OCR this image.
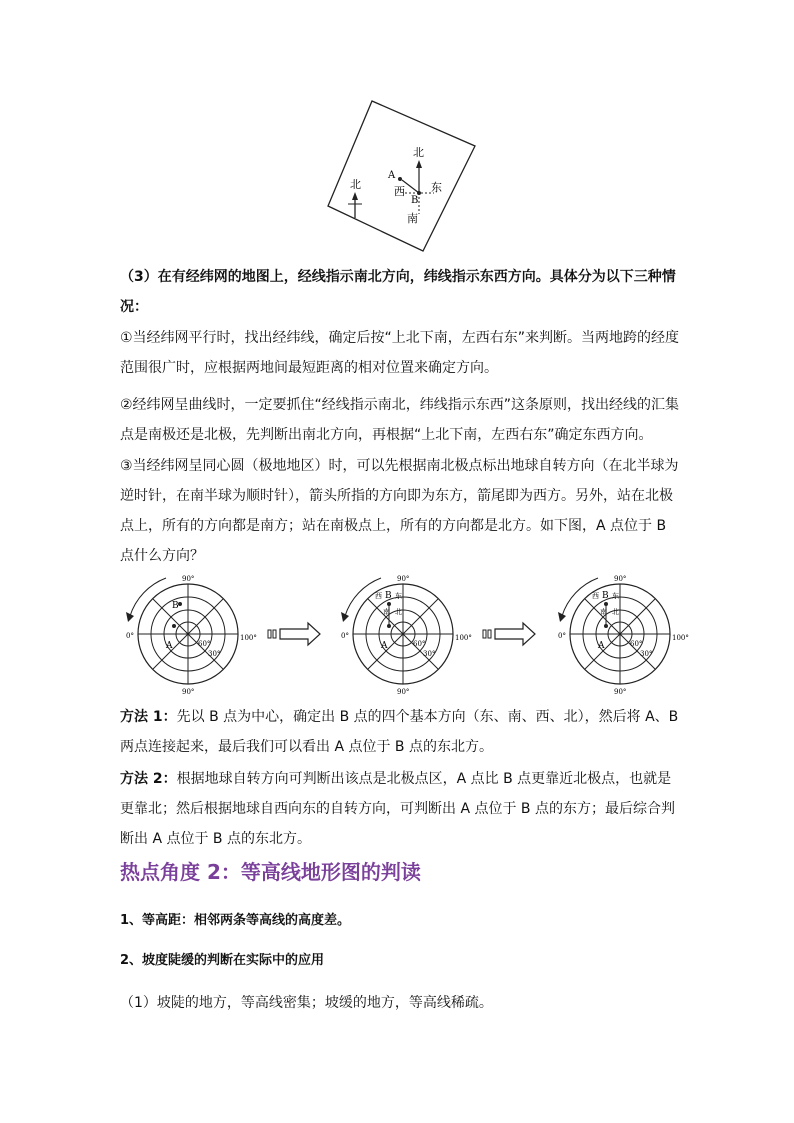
北
北
西 东
南
A
B

（3）在有经纬网的地图上，经线指示南北方向，纬线指示东西方向。具体分为以下三种情况：

①当经纬网平行时，找出经纬线，确定后按“上北下南，左西右东”来判断。当两地跨的经度范围很广时，应根据两地间最短距离的相对位置来确定方向。

②经纬网呈曲线时，一定要抓住“经线指示南北，纬线指示东西”这条原则，找出经线的汇集点是南极还是北极，先判断出南北方向，再根据“上北下南，左西右东”确定东西方向。

③当经纬网呈同心圆（极地地区）时，可以先根据南北极点标出地球自转方向（在北半球为逆时针，在南半球为顺时针），箭头所指的方向即为东方，箭尾即为西方。另外，站在北极点上，所有的方向都是南方；站在南极点上，所有的方向都是北方。如下图，A 点位于 B 点什么方向？

A
B
90°
90°
0°	100°
60°
30°
A
B
西 东
南 北
90°
90°
0°	100°
60°
30°
A
B
西 东
南 北
90°
90°
0°	100°
60°
30°

方法 1：先以 B 点为中心，确定出 B 点的四个基本方向（东、南、西、北），然后将 A、B 两点连接起来，最后我们可以看出 A 点位于 B 点的东北方。

方法 2：根据地球自转方向可判断出该点是北极点区，A 点比 B 点更靠近北极点，也就是更靠北；然后根据地球自西向东的自转方向，可判断出 A 点位于 B 点的东方；最后综合判断出 A 点位于 B 点的东北方。

热点角度 2：等高线地形图的判读

1、等高距：相邻两条等高线的高度差。

2、坡度陡缓的判断在实际中的应用

（1）坡陡的地方，等高线密集；坡缓的地方，等高线稀疏。
